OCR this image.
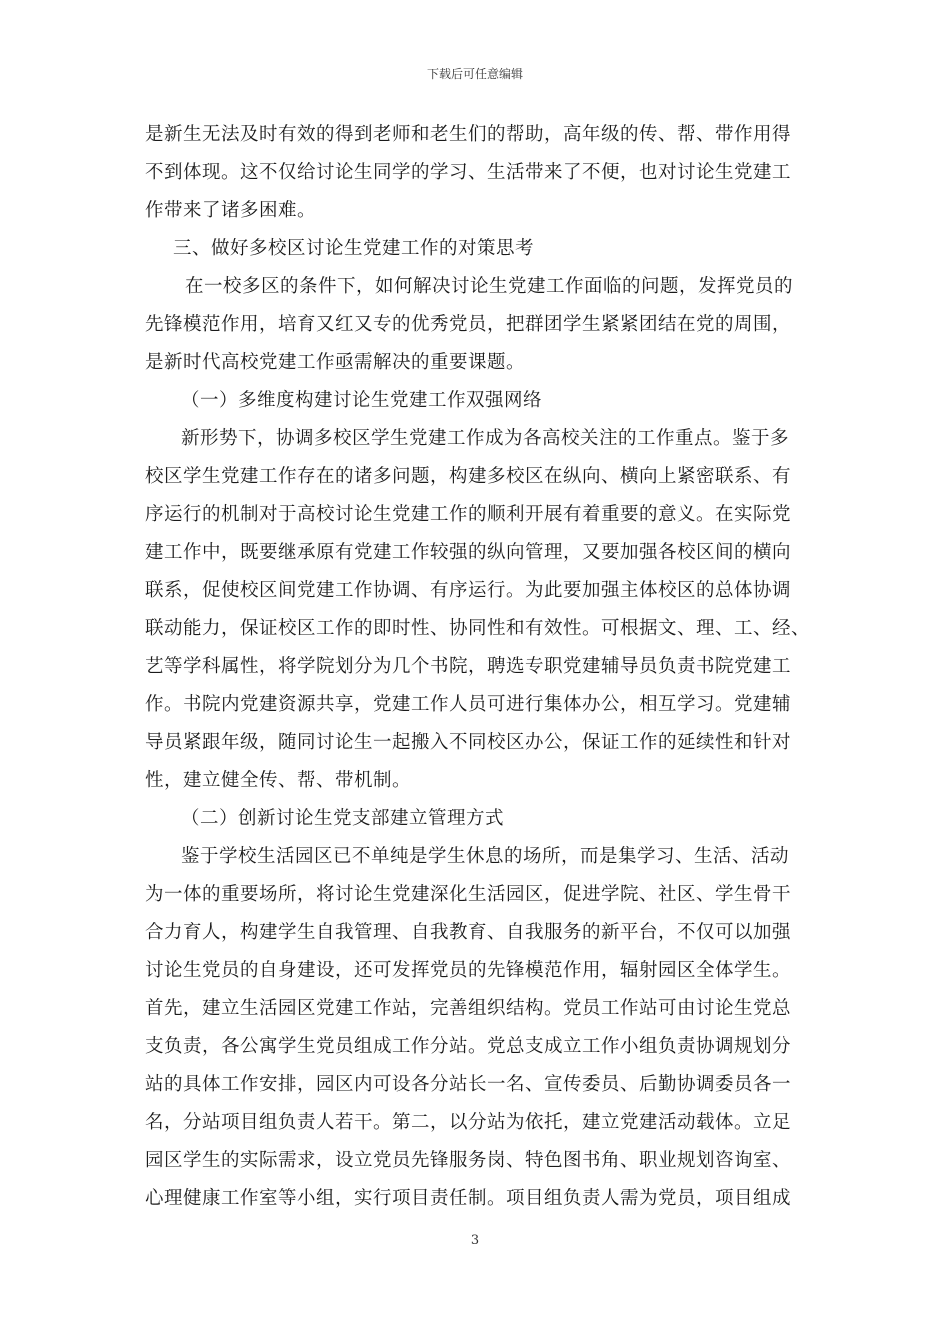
下载后可任意编辑
是新生无法及时有效的得到老师和老生们的帮助，高年级的传、帮、带作用得
不到体现。这不仅给讨论生同学的学习、生活带来了不便，也对讨论生党建工
作带来了诸多困难。
三、做好多校区讨论生党建工作的对策思考
在一校多区的条件下，如何解决讨论生党建工作面临的问题，发挥党员的
先锋模范作用，培育又红又专的优秀党员，把群团学生紧紧团结在党的周围，
是新时代高校党建工作亟需解决的重要课题。
（一）多维度构建讨论生党建工作双强网络
新形势下，协调多校区学生党建工作成为各高校关注的工作重点。鉴于多
校区学生党建工作存在的诸多问题，构建多校区在纵向、横向上紧密联系、有
序运行的机制对于高校讨论生党建工作的顺利开展有着重要的意义。在实际党
建工作中，既要继承原有党建工作较强的纵向管理，又要加强各校区间的横向
联系，促使校区间党建工作协调、有序运行。为此要加强主体校区的总体协调
联动能力，保证校区工作的即时性、协同性和有效性。可根据文、理、工、经、
艺等学科属性，将学院划分为几个书院，聘选专职党建辅导员负责书院党建工
作。书院内党建资源共享，党建工作人员可进行集体办公，相互学习。党建辅
导员紧跟年级，随同讨论生一起搬入不同校区办公，保证工作的延续性和针对
性，建立健全传、帮、带机制。
（二）创新讨论生党支部建立管理方式
鉴于学校生活园区已不单纯是学生休息的场所，而是集学习、生活、活动
为一体的重要场所，将讨论生党建深化生活园区，促进学院、社区、学生骨干
合力育人，构建学生自我管理、自我教育、自我服务的新平台，不仅可以加强
讨论生党员的自身建设，还可发挥党员的先锋模范作用，辐射园区全体学生。
首先，建立生活园区党建工作站，完善组织结构。党员工作站可由讨论生党总
支负责，各公寓学生党员组成工作分站。党总支成立工作小组负责协调规划分
站的具体工作安排，园区内可设各分站长一名、宣传委员、后勤协调委员各一
名，分站项目组负责人若干。第二，以分站为依托，建立党建活动载体。立足
园区学生的实际需求，设立党员先锋服务岗、特色图书角、职业规划咨询室、
心理健康工作室等小组，实行项目责任制。项目组负责人需为党员，项目组成
3
